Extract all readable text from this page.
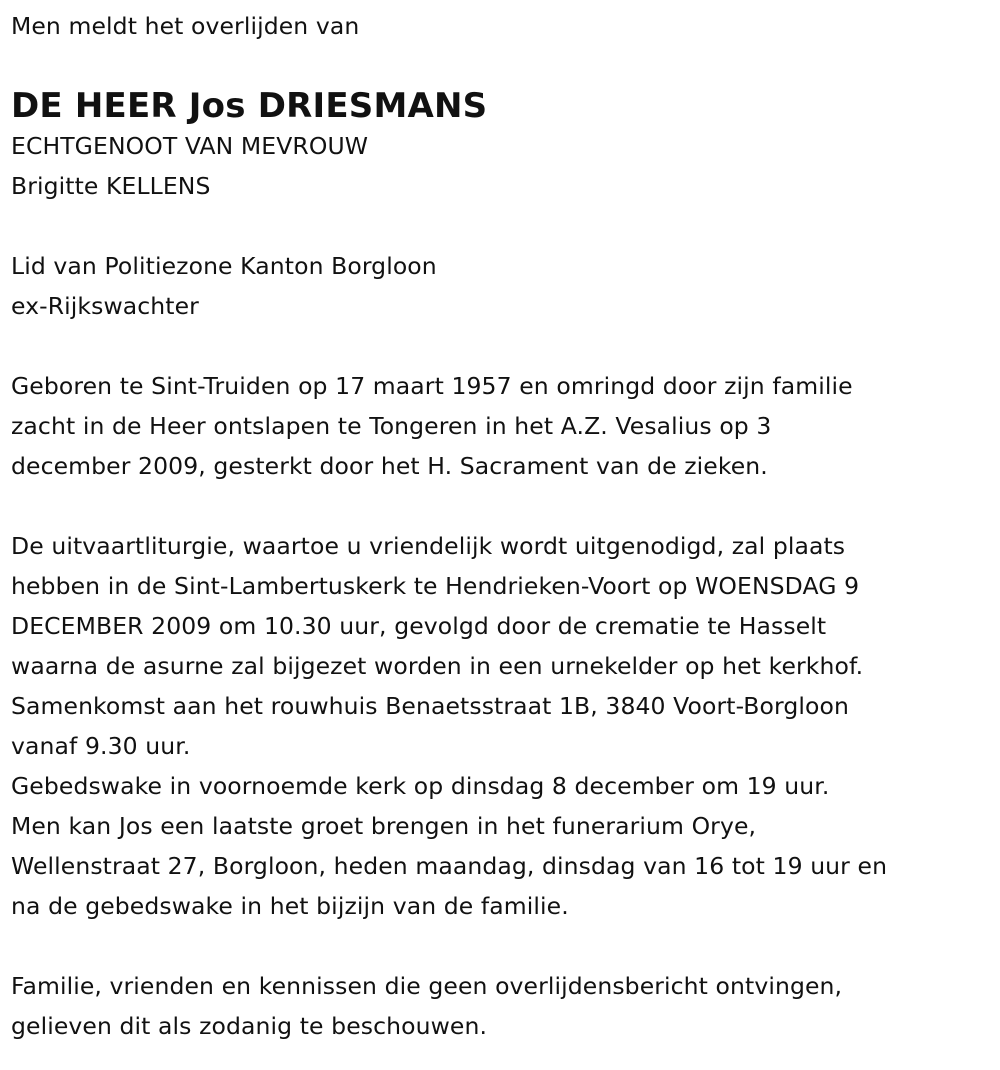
Men meldt het overlijden van
DE HEER Jos DRIESMANS
ECHTGENOOT VAN MEVROUW
Brigitte KELLENS
Lid van Politiezone Kanton Borgloon
ex-Rijkswachter
Geboren te Sint-Truiden op 17 maart 1957 en omringd door zijn familie
zacht in de Heer ontslapen te Tongeren in het A.Z. Vesalius op 3
december 2009, gesterkt door het H. Sacrament van de zieken.
De uitvaartliturgie, waartoe u vriendelijk wordt uitgenodigd, zal plaats
hebben in de Sint-Lambertuskerk te Hendrieken-Voort op WOENSDAG 9
DECEMBER 2009 om 10.30 uur, gevolgd door de crematie te Hasselt
waarna de asurne zal bijgezet worden in een urnekelder op het kerkhof.
Samenkomst aan het rouwhuis Benaetsstraat 1B, 3840 Voort-Borgloon
vanaf 9.30 uur.
Gebedswake in voornoemde kerk op dinsdag 8 december om 19 uur.
Men kan Jos een laatste groet brengen in het funerarium Orye,
Wellenstraat 27, Borgloon, heden maandag, dinsdag van 16 tot 19 uur en
na de gebedswake in het bijzijn van de familie.
Familie, vrienden en kennissen die geen overlijdensbericht ontvingen,
gelieven dit als zodanig te beschouwen.
